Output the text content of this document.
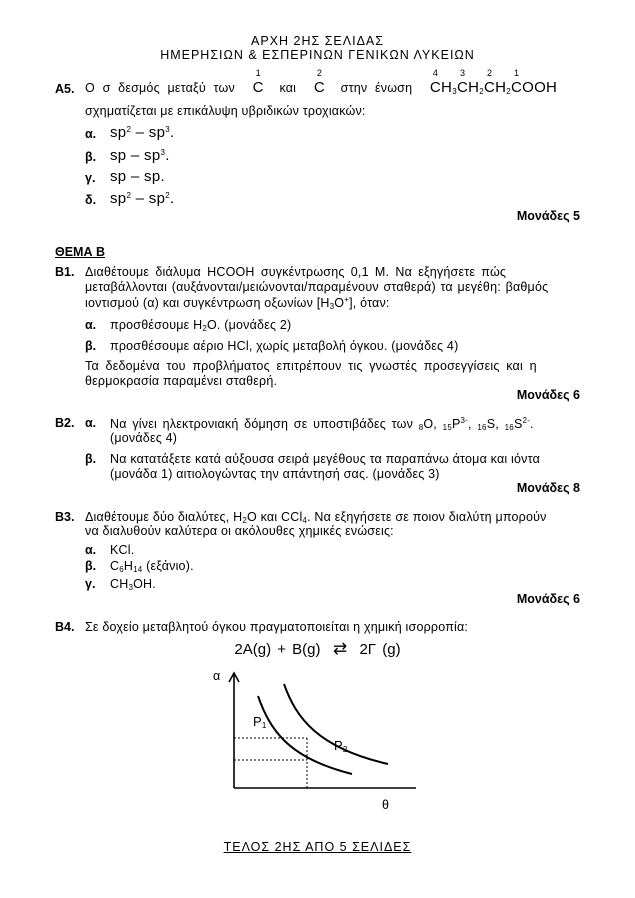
ΑΡΧΗ 2ΗΣ ΣΕΛΙΔΑΣ
ΗΜΕΡΗΣΙΩΝ & ΕΣΠΕΡΙΝΩΝ ΓΕΝΙΚΩΝ ΛΥΚΕΙΩΝ
Α5. Ο σ δεσμός μεταξύ των
1
C και
2
C στην ένωση
4
$CH_3$
3
$CH_2$
2
$CH_2$
1
COOH
σχηματίζεται με επικάλυψη υβριδικών τροχιακών:
α. $sp^2 - sp^3$.
β. sp – $sp^3$.
γ. sp – sp.
δ. $sp^2 - sp^2$.
Μονάδες 5
ΘΕΜΑ Β
Β1. Διαθέτουμε διάλυμα HCOOH συγκέντρωσης 0,1 M. Να εξηγήσετε πώς
μεταβάλλονται (αυξάνονται/μειώνονται/παραμένουν σταθερά) τα μεγέθη: βαθμός
ιοντισμού (α) και συγκέντρωση οξωνίων $[H_3O^+]$, όταν:
α. προσθέσουμε $H_2O$. (μονάδες 2)
β. προσθέσουμε αέριο HCl, χωρίς μεταβολή όγκου. (μονάδες 4)
Τα δεδομένα του προβλήματος επιτρέπουν τις γνωστές προσεγγίσεις και η
θερμοκρασία παραμένει σταθερή.
Μονάδες 6
Β2. α. Να γίνει ηλεκτρονιακή δόμηση σε υποστιβάδες των $_8$O, $_{15}P^{3-}$, $_{16}$S, $_{16}S^{2-}$.
(μονάδες 4)
β. Να κατατάξετε κατά αύξουσα σειρά μεγέθους τα παραπάνω άτομα και ιόντα
(μονάδα 1) αιτιολογώντας την απάντησή σας. (μονάδες 3)
Μονάδες 8
Β3. Διαθέτουμε δύο διαλύτες, $H_2O$ και CCl$_4$. Να εξηγήσετε σε ποιον διαλύτη μπορούν
να διαλυθούν καλύτερα οι ακόλουθες χημικές ενώσεις:
α. KCl.
β. $C_6H_{14}$ (εξάνιο).
γ. $CH_3OH$.
Μονάδες 6
Β4. Σε δοχείο μεταβλητού όγκου πραγματοποιείται η χημική ισορροπία:
2A(g) + B(g) ⇄ 2Γ (g)
α
θ
$P_1$
$P_2$
ΤΕΛΟΣ 2ΗΣ ΑΠΟ 5 ΣΕΛΙΔΕΣ
